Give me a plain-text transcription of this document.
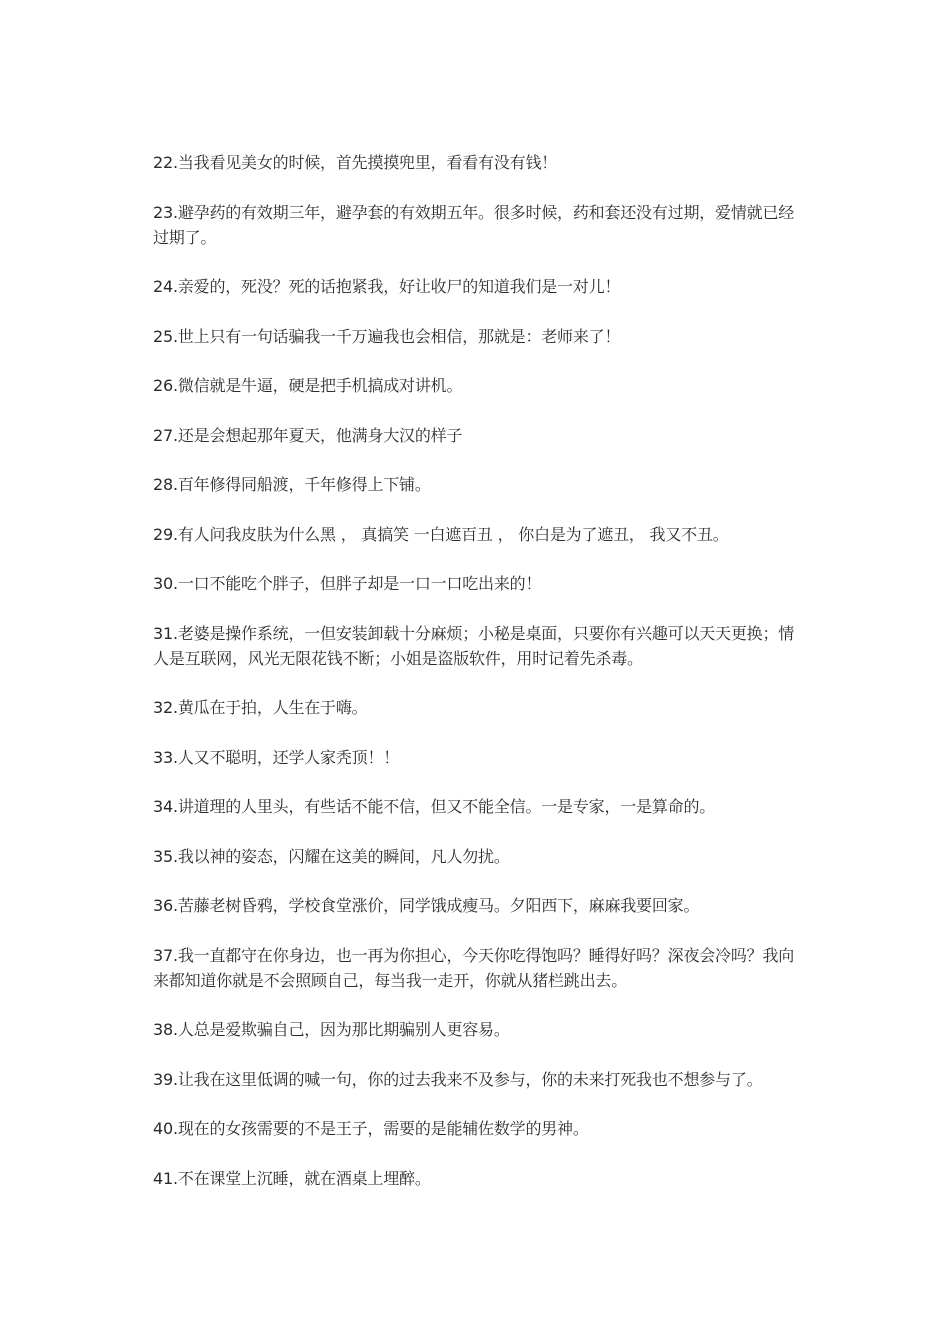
22.当我看见美女的时候，首先摸摸兜里，看看有没有钱！

23.避孕药的有效期三年，避孕套的有效期五年。很多时候，药和套还没有过期，爱情就已经过期了。

24.亲爱的，死没？死的话抱紧我，好让收尸的知道我们是一对儿！

25.世上只有一句话骗我一千万遍我也会相信，那就是：老师来了！

26.微信就是牛逼，硬是把手机搞成对讲机。

27.还是会想起那年夏天，他满身大汉的样子

28.百年修得同船渡，千年修得上下铺。

29.有人问我皮肤为什么黑 ， 真搞笑 一白遮百丑 ， 你白是为了遮丑， 我又不丑。

30.一口不能吃个胖子，但胖子却是一口一口吃出来的！

31.老婆是操作系统，一但安装卸载十分麻烦；小秘是桌面，只要你有兴趣可以天天更换；情人是互联网，风光无限花钱不断；小姐是盗版软件，用时记着先杀毒。

32.黄瓜在于拍，人生在于嗨。

33.人又不聪明，还学人家秃顶！！

34.讲道理的人里头，有些话不能不信，但又不能全信。一是专家，一是算命的。

35.我以神的姿态，闪耀在这美的瞬间，凡人勿扰。

36.苦藤老树昏鸦，学校食堂涨价，同学饿成瘦马。夕阳西下，麻麻我要回家。

37.我一直都守在你身边，也一再为你担心，今天你吃得饱吗？睡得好吗？深夜会冷吗？我向来都知道你就是不会照顾自己，每当我一走开，你就从猪栏跳出去。

38.人总是爱欺骗自己，因为那比期骗别人更容易。

39.让我在这里低调的喊一句，你的过去我来不及参与，你的未来打死我也不想参与了。

40.现在的女孩需要的不是王子，需要的是能辅佐数学的男神。

41.不在课堂上沉睡，就在酒桌上埋醉。
